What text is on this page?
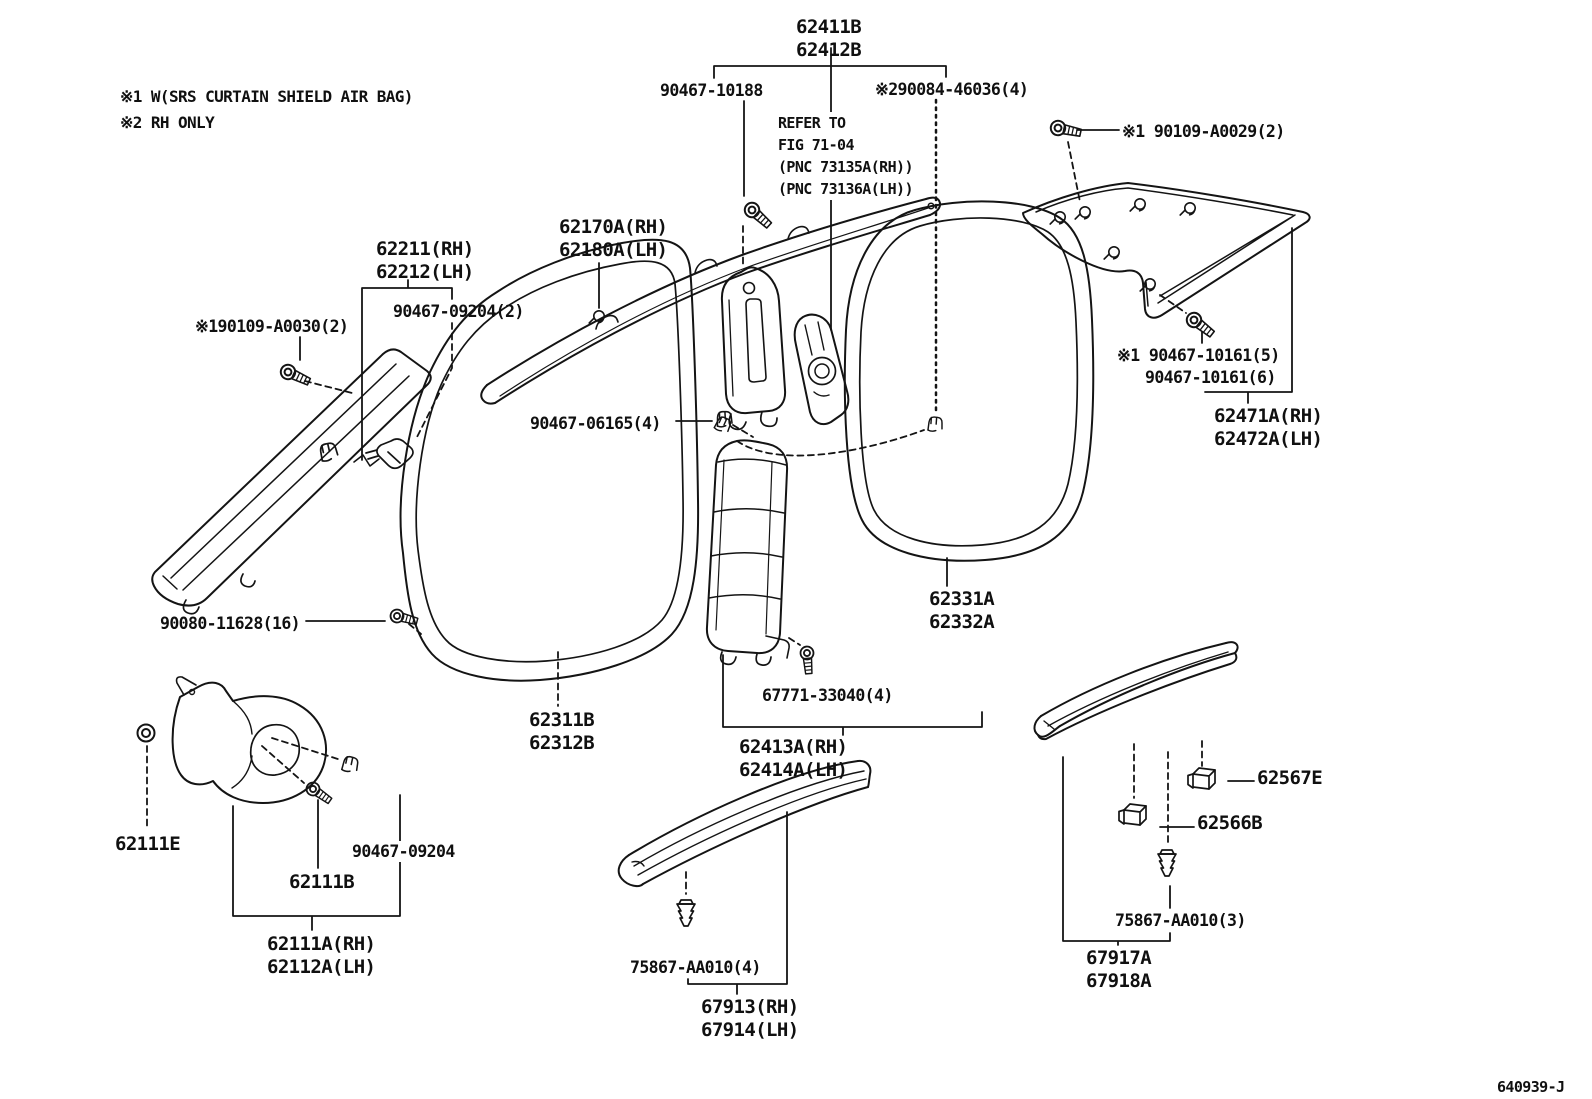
※1 W(SRS CURTAIN SHIELD AIR BAG)
※2 RH ONLY
62411B
62412B
90467-10188	※290084-46036(4)
REFER TO
FIG 71-04
(PNC 73135A(RH))
(PNC 73136A(LH))
※1 90109-A0029(2)
62170A(RH)
62180A(LH)
62211(RH)
62212(LH)
90467-09204(2)
※190109-A0030(2)
90467-06165(4)
※1 90467-10161(5)
90467-10161(6)
62471A(RH)
62472A(LH)
62331A
62332A
90080-11628(16)
62311B
62312B
67771-33040(4)
62413A(RH)
62414A(LH)
62111E	90467-09204
62111B
62111A(RH)
62112A(LH)	75867-AA010(4)
67913(RH)
67914(LH)
62567E
62566B
75867-AA010(3)
67917A
67918A
640939-J
